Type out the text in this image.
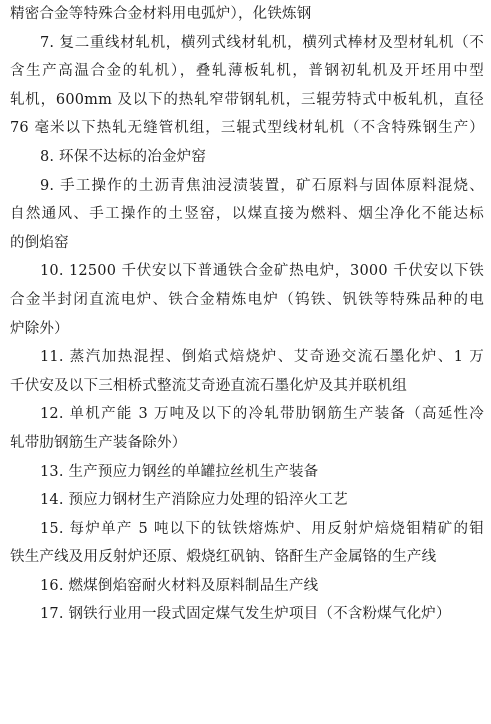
精密合金等特殊合金材料用电弧炉），化铁炼钢
7. 复二重线材轧机，横列式线材轧机，横列式棒材及型材轧机（不
含生产高温合金的轧机），叠轧薄板轧机，普钢初轧机及开坯用中型
轧机，600mm 及以下的热轧窄带钢轧机，三辊劳特式中板轧机，直径
76 毫米以下热轧无缝管机组，三辊式型线材轧机（不含特殊钢生产）
8. 环保不达标的冶金炉窑
9. 手工操作的土沥青焦油浸渍装置，矿石原料与固体原料混烧、
自然通风、手工操作的土竖窑，以煤直接为燃料、烟尘净化不能达标
的倒焰窑
10. 12500 千伏安以下普通铁合金矿热电炉，3000 千伏安以下铁
合金半封闭直流电炉、铁合金精炼电炉（钨铁、钒铁等特殊品种的电
炉除外）
11. 蒸汽加热混捏、倒焰式焙烧炉、艾奇逊交流石墨化炉、1 万
千伏安及以下三相桥式整流艾奇逊直流石墨化炉及其并联机组
12. 单机产能 3 万吨及以下的冷轧带肋钢筋生产装备（高延性冷
轧带肋钢筋生产装备除外）
13. 生产预应力钢丝的单罐拉丝机生产装备
14. 预应力钢材生产消除应力处理的铅淬火工艺
15. 每炉单产 5 吨以下的钛铁熔炼炉、用反射炉焙烧钼精矿的钼
铁生产线及用反射炉还原、煅烧红矾钠、铬酐生产金属铬的生产线
16. 燃煤倒焰窑耐火材料及原料制品生产线
17. 钢铁行业用一段式固定煤气发生炉项目（不含粉煤气化炉）
